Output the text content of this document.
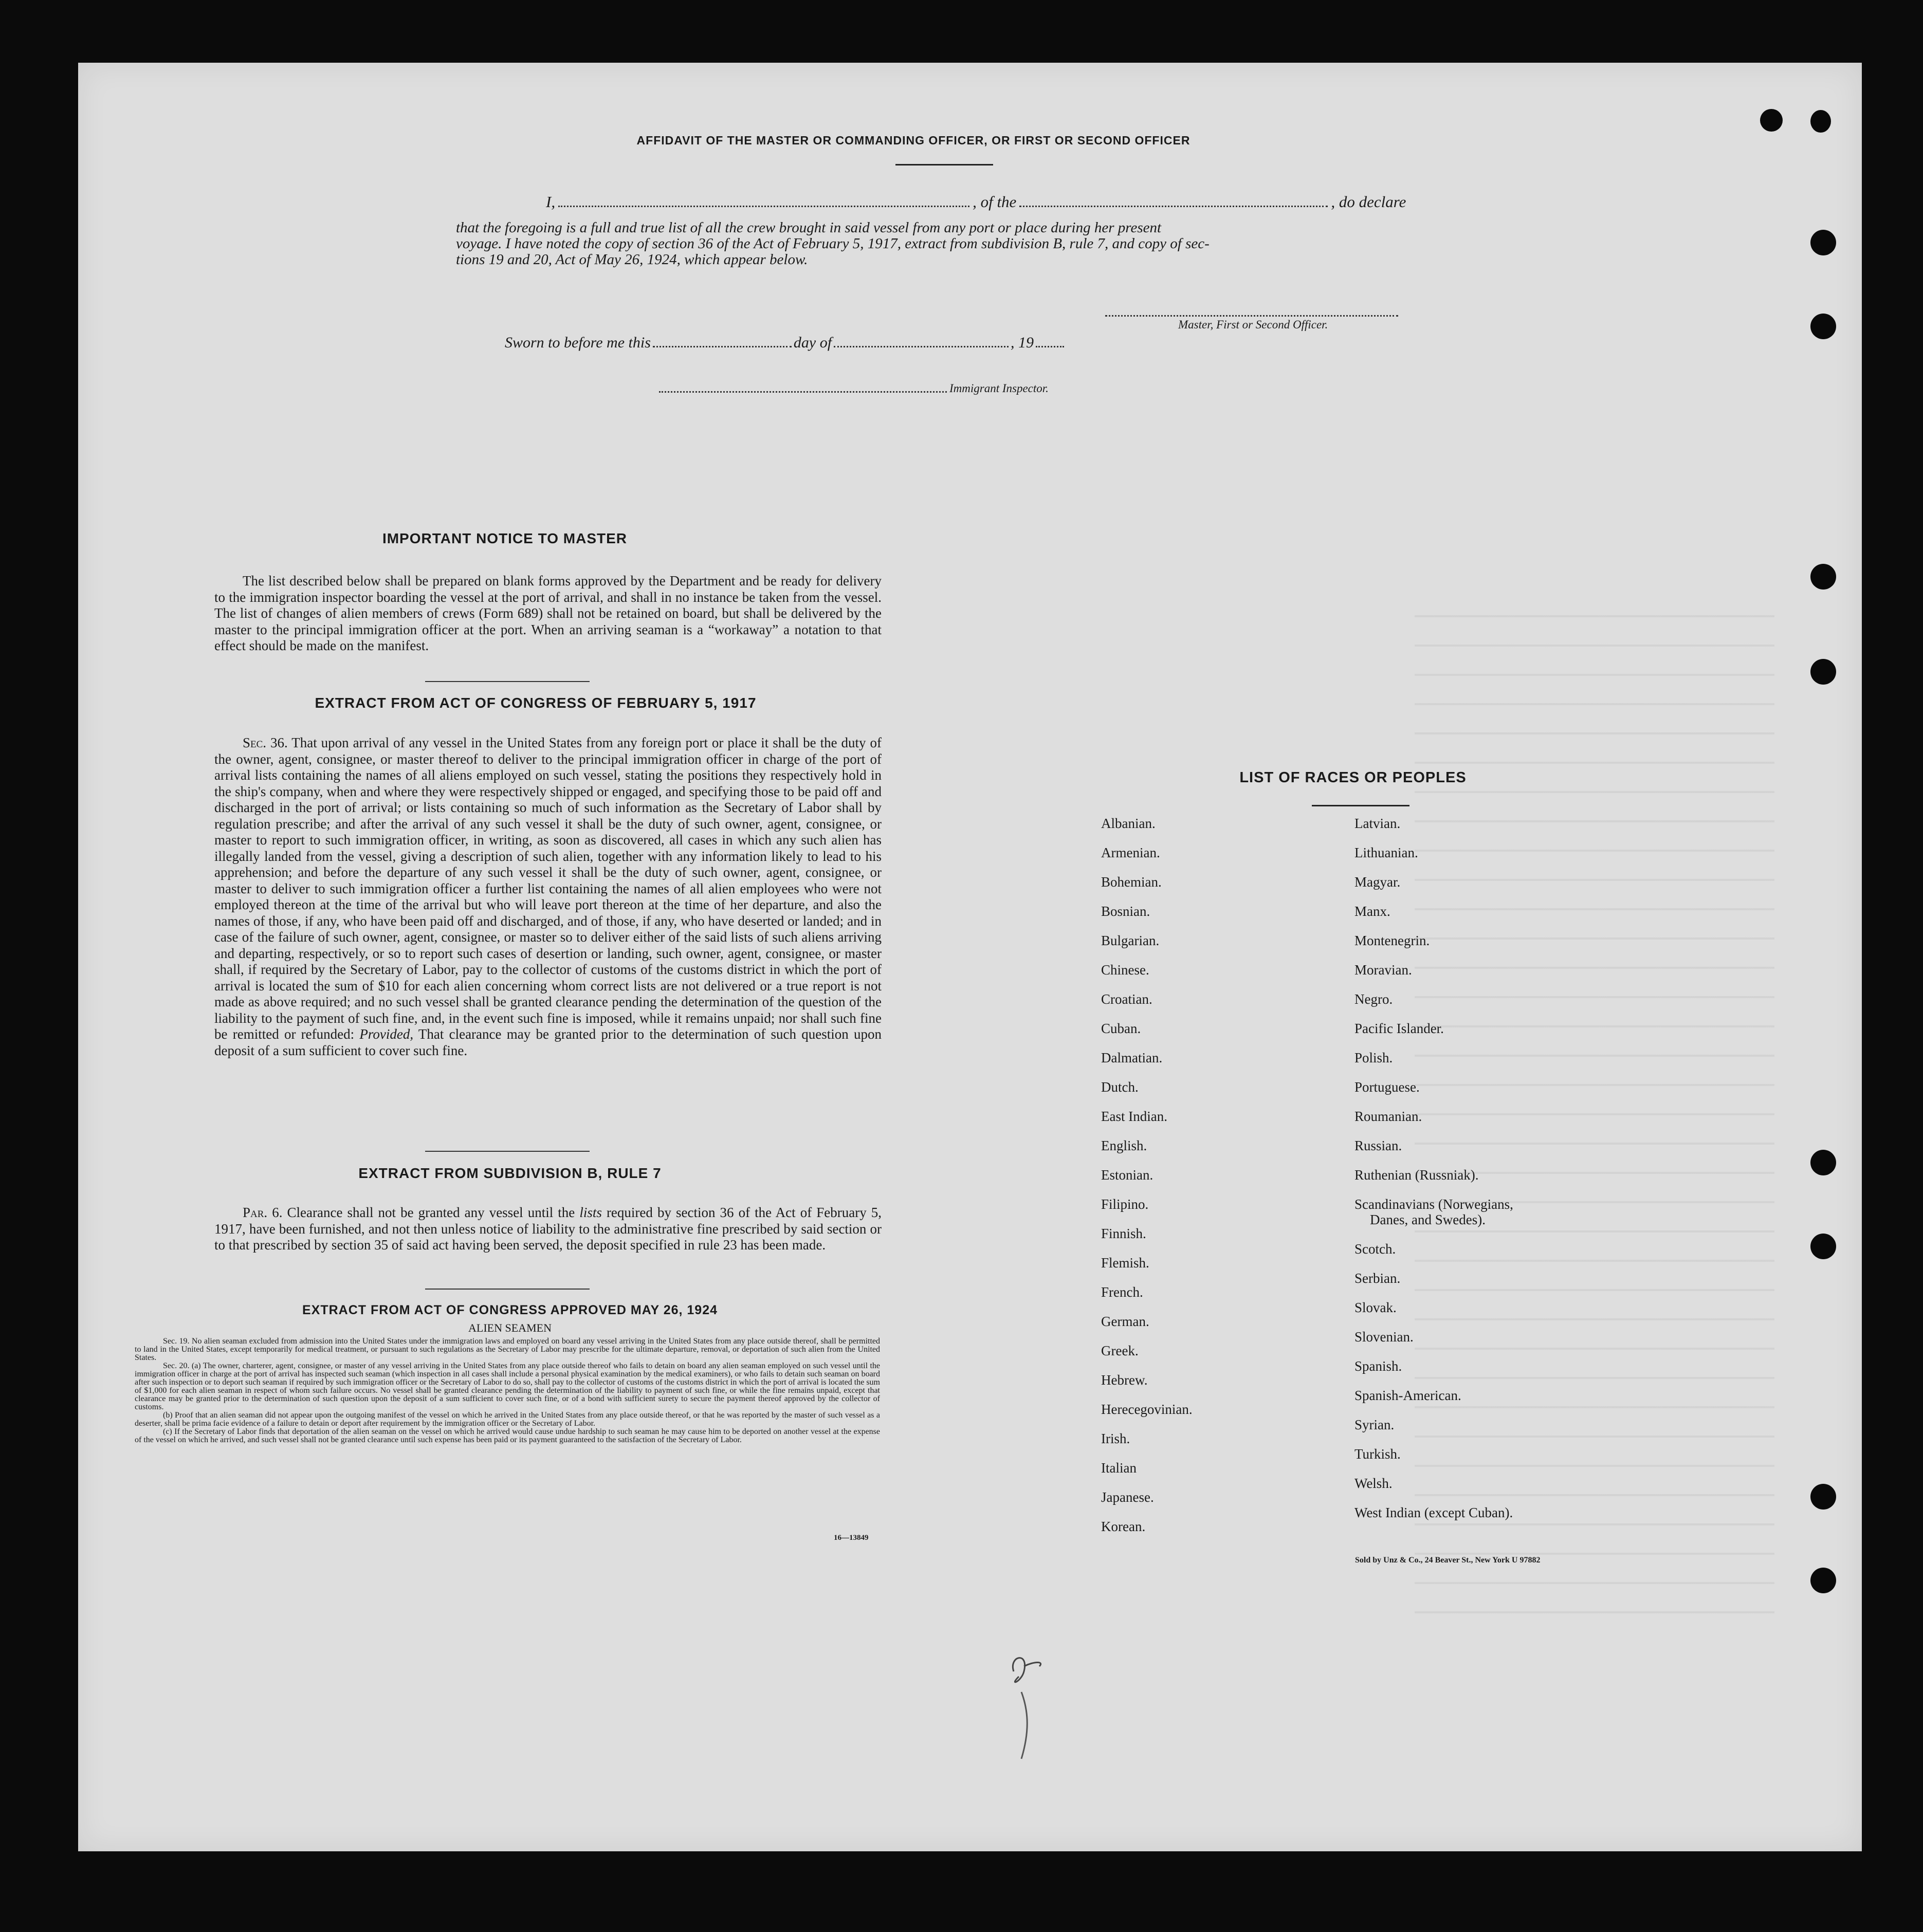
AFFIDAVIT OF THE MASTER OR COMMANDING OFFICER, OR FIRST OR SECOND OFFICER
I,	, of the	, do declare
that the foregoing is a full and true list of all the crew brought in said vessel from any port or place during her present
voyage. I have noted the copy of section 36 of the Act of February 5, 1917, extract from subdivision B, rule 7, and copy of sec-
tions 19 and 20, Act of May 26, 1924, which appear below.
Master, First or Second Officer.
Sworn to before me this	day of	, 19
Immigrant Inspector.
IMPORTANT NOTICE TO MASTER
The list described below shall be prepared on blank forms approved by the Department and be ready for delivery to the immigration inspector boarding the vessel at the port of arrival, and shall in no instance be taken from the vessel. The list of changes of alien members of crews (Form 689) shall not be retained on board, but shall be delivered by the master to the principal immigration officer at the port. When an arriving seaman is a “workaway” a notation to that effect should be made on the manifest.
EXTRACT FROM ACT OF CONGRESS OF FEBRUARY 5, 1917
Sec. 36. That upon arrival of any vessel in the United States from any foreign port or place it shall be the duty of the owner, agent, consignee, or master thereof to deliver to the principal immigration officer in charge of the port of arrival lists containing the names of all aliens employed on such vessel, stating the positions they respectively hold in the ship's company, when and where they were respectively shipped or engaged, and specifying those to be paid off and discharged in the port of arrival; or lists containing so much of such information as the Secretary of Labor shall by regulation prescribe; and after the arrival of any such vessel it shall be the duty of such owner, agent, consignee, or master to report to such immigration officer, in writing, as soon as discovered, all cases in which any such alien has illegally landed from the vessel, giving a description of such alien, together with any information likely to lead to his apprehension; and before the departure of any such vessel it shall be the duty of such owner, agent, consignee, or master to deliver to such immigration officer a further list containing the names of all alien employees who were not employed thereon at the time of the arrival but who will leave port thereon at the time of her departure, and also the names of those, if any, who have been paid off and discharged, and of those, if any, who have deserted or landed; and in case of the failure of such owner, agent, consignee, or master so to deliver either of the said lists of such aliens arriving and departing, respectively, or so to report such cases of desertion or landing, such owner, agent, consignee, or master shall, if required by the Secretary of Labor, pay to the collector of customs of the customs district in which the port of arrival is located the sum of $10 for each alien concerning whom correct lists are not delivered or a true report is not made as above required; and no such vessel shall be granted clearance pending the determination of the question of the liability to the payment of such fine, and, in the event such fine is imposed, while it remains unpaid; nor shall such fine be remitted or refunded: Provided, That clearance may be granted prior to the determination of such question upon deposit of a sum sufficient to cover such fine.
EXTRACT FROM SUBDIVISION B, RULE 7
Par. 6. Clearance shall not be granted any vessel until the lists required by section 36 of the Act of February 5, 1917, have been furnished, and not then unless notice of liability to the administrative fine prescribed by said section or to that prescribed by section 35 of said act having been served, the deposit specified in rule 23 has been made.
EXTRACT FROM ACT OF CONGRESS APPROVED MAY 26, 1924
ALIEN SEAMEN
Sec. 19. No alien seaman excluded from admission into the United States under the immigration laws and employed on board any vessel arriving in the United States from any place outside thereof, shall be permitted to land in the United States, except temporarily for medical treatment, or pursuant to such regulations as the Secretary of Labor may prescribe for the ultimate departure, removal, or deportation of such alien from the United States.
Sec. 20. (a) The owner, charterer, agent, consignee, or master of any vessel arriving in the United States from any place outside thereof who fails to detain on board any alien seaman employed on such vessel until the immigration officer in charge at the port of arrival has inspected such seaman (which inspection in all cases shall include a personal physical examination by the medical examiners), or who fails to detain such seaman on board after such inspection or to deport such seaman if required by such immigration officer or the Secretary of Labor to do so, shall pay to the collector of customs of the customs district in which the port of arrival is located the sum of $1,000 for each alien seaman in respect of whom such failure occurs. No vessel shall be granted clearance pending the determination of the liability to payment of such fine, or while the fine remains unpaid, except that clearance may be granted prior to the determination of such question upon the deposit of a sum sufficient to cover such fine, or of a bond with sufficient surety to secure the payment thereof approved by the collector of customs.
(b) Proof that an alien seaman did not appear upon the outgoing manifest of the vessel on which he arrived in the United States from any place outside thereof, or that he was reported by the master of such vessel as a deserter, shall be prima facie evidence of a failure to detain or deport after requirement by the immigration officer or the Secretary of Labor.
(c) If the Secretary of Labor finds that deportation of the alien seaman on the vessel on which he arrived would cause undue hardship to such seaman he may cause him to be deported on another vessel at the expense of the vessel on which he arrived, and such vessel shall not be granted clearance until such expense has been paid or its payment guaranteed to the satisfaction of the Secretary of Labor.
16—13849
LIST OF RACES OR PEOPLES
Albanian.
Armenian.
Bohemian.
Bosnian.
Bulgarian.
Chinese.
Croatian.
Cuban.
Dalmatian.
Dutch.
East Indian.
English.
Estonian.
Filipino.
Finnish.
Flemish.
French.
German.
Greek.
Hebrew.
Herecegovinian.
Irish.
Italian
Japanese.
Korean.
Latvian.
Lithuanian.
Magyar.
Manx.
Montenegrin.
Moravian.
Negro.
Pacific Islander.
Polish.
Portuguese.
Roumanian.
Russian.
Ruthenian (Russniak).
Scandinavians (Norwegians,
Danes, and Swedes).
Scotch.
Serbian.
Slovak.
Slovenian.
Spanish.
Spanish-American.
Syrian.
Turkish.
Welsh.
West Indian (except Cuban).
Sold by Unz & Co., 24 Beaver St., New York U 97882
